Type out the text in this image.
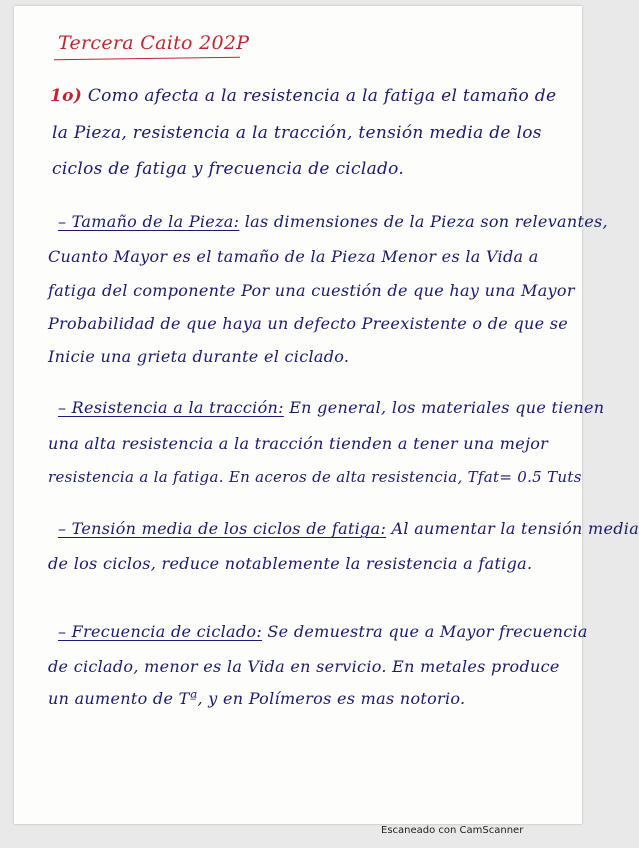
Tercera Caito 202P
1o) Como afecta a la resistencia a la fatiga el tamaño de
la Pieza, resistencia a la tracción, tensión media de los
ciclos de fatiga y frecuencia de ciclado.
– Tamaño de la Pieza: las dimensiones de la Pieza son relevantes,
Cuanto Mayor es el tamaño de la Pieza Menor es la Vida a
fatiga del componente Por una cuestión de que hay una Mayor
Probabilidad de que haya un defecto Preexistente o de que se
Inicie una grieta durante el ciclado.
– Resistencia a la tracción: En general, los materiales que tienen
una alta resistencia a la tracción tienden a tener una mejor
resistencia a la fatiga. En aceros de alta resistencia, Tfat= 0.5 Tuts
– Tensión media de los ciclos de fatiga: Al aumentar la tensión media
de los ciclos, reduce notablemente la resistencia a fatiga.
– Frecuencia de ciclado: Se demuestra que a Mayor frecuencia
de ciclado, menor es la Vida en servicio. En metales produce
un aumento de Tª, y en Polímeros es mas notorio.
Escaneado con CamScanner
